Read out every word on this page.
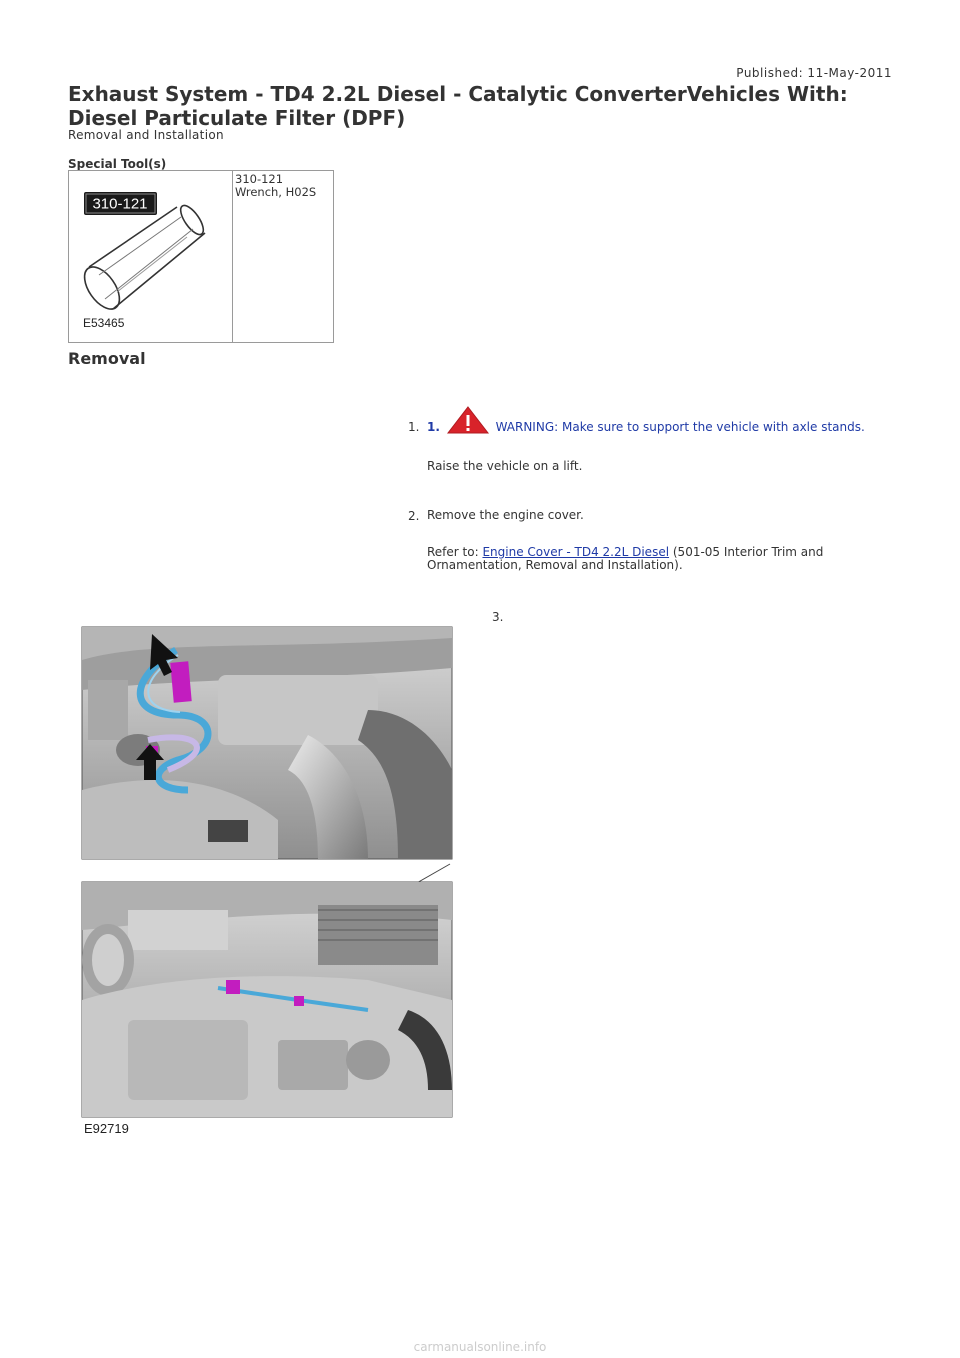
Published: 11-May-2011
Exhaust System - TD4 2.2L Diesel - Catalytic ConverterVehicles With: Diesel Particulate Filter (DPF)
Removal and Installation
Special Tool(s)
310-121
E53465

310-121
Wrench, H02S
Removal
1. 1.	WARNING: Make sure to support the vehicle with axle stands.
Raise the vehicle on a lift.
2. Remove the engine cover.
Refer to: Engine Cover - TD4 2.2L Diesel (501-05 Interior Trim and Ornamentation, Removal and Installation).
3.
E92719
carmanualsonline.info
